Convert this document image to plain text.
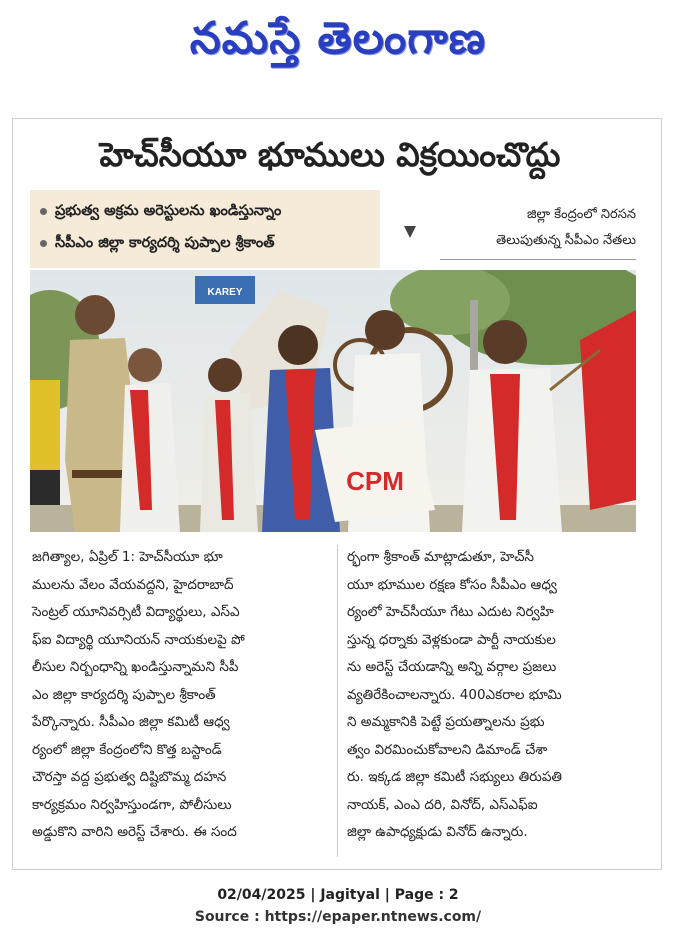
నమస్తే తెలంగాణ
హెచ్‌సీయూ భూములు విక్రయించొద్దు
ప్రభుత్వ అక్రమ అరెస్టులను ఖండిస్తున్నాం
సీపీఎం జిల్లా కార్యదర్శి పుప్పాల శ్రీకాంత్
జిల్లా కేంద్రంలో నిరసన
తెలుపుతున్న సీపీఎం నేతలు
KAREY
CPM
జగిత్యాల, ఏప్రిల్ 1: హెచ్‌సీయూ భూ
ములను వేలం వేయవద్దని, హైదరాబాద్
సెంట్రల్ యూనివర్సిటీ విద్యార్థులు, ఎస్ఎ
ఫ్‌ఐ విద్యార్థి యూనియన్ నాయకులపై పో
లీసుల నిర్బంధాన్ని ఖండిస్తున్నామని సీపీ
ఎం జిల్లా కార్యదర్శి పుప్పాల శ్రీకాంత్
పేర్కొన్నారు. సీపీఎం జిల్లా కమిటీ ఆధ్వ
ర్యంలో జిల్లా కేంద్రంలోని కొత్త బస్టాండ్
చౌరస్తా వద్ద ప్రభుత్వ దిష్టిబొమ్మ దహన
కార్యక్రమం నిర్వహిస్తుండగా, పోలీసులు
అడ్డుకొని వారిని అరెస్ట్ చేశారు. ఈ సంద
ర్భంగా శ్రీకాంత్ మాట్లాడుతూ, హెచ్‌సీ
యూ భూముల రక్షణ కోసం సీపీఎం ఆధ్వ
ర్యంలో హెచ్‌సీయూ గేటు ఎదుట నిర్వహి
స్తున్న ధర్నాకు వెళ్లకుండా పార్టీ నాయకుల
ను అరెస్ట్ చేయడాన్ని అన్ని వర్గాల ప్రజలు
వ్యతిరేకించాలన్నారు. 400ఎకరాల భూమి
ని అమ్మకానికి పెట్టే ప్రయత్నాలను ప్రభు
త్వం విరమించుకోవాలని డిమాండ్ చేశా
రు. ఇక్కడ జిల్లా కమిటీ సభ్యులు తిరుపతి
నాయక్, ఎంఎ దరి, వినోద్, ఎస్ఎఫ్‌ఐ
జిల్లా ఉపాధ్యక్షుడు వినోద్ ఉన్నారు.
02/04/2025 | Jagityal | Page : 2
Source : https://epaper.ntnews.com/
